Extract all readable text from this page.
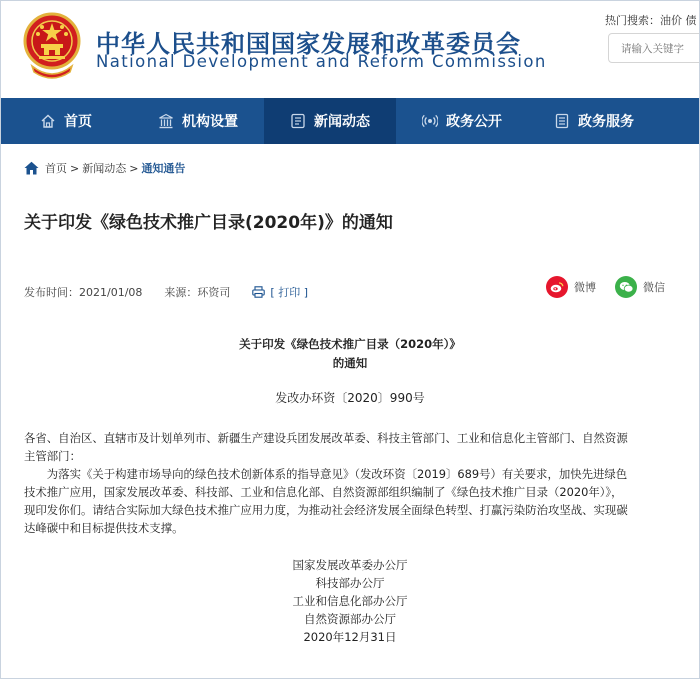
中华人民共和国国家发展和改革委员会
National Development and Reform Commission
热门搜索：油价 债
请输入关键字
首页	机构设置	新闻动态	政务公开	政务服务
首页 > 新闻动态 > 通知通告
关于印发《绿色技术推广目录(2020年)》的通知
发布时间：2021/01/08 来源：环资司	[ 打印 ]	微博	微信
关于印发《绿色技术推广目录（2020年）》
的通知
发改办环资〔2020〕990号
各省、自治区、直辖市及计划单列市、新疆生产建设兵团发展改革委、科技主管部门、工业和信息化主管部门、自然资源
主管部门：
　　为落实《关于构建市场导向的绿色技术创新体系的指导意见》（发改环资〔2019〕689号）有关要求，加快先进绿色
技术推广应用，国家发展改革委、科技部、工业和信息化部、自然资源部组织编制了《绿色技术推广目录（2020年）》，
现印发你们。请结合实际加大绿色技术推广应用力度，为推动社会经济发展全面绿色转型、打赢污染防治攻坚战、实现碳
达峰碳中和目标提供技术支撑。
国家发展改革委办公厅
科技部办公厅
工业和信息化部办公厅
自然资源部办公厅
2020年12月31日
